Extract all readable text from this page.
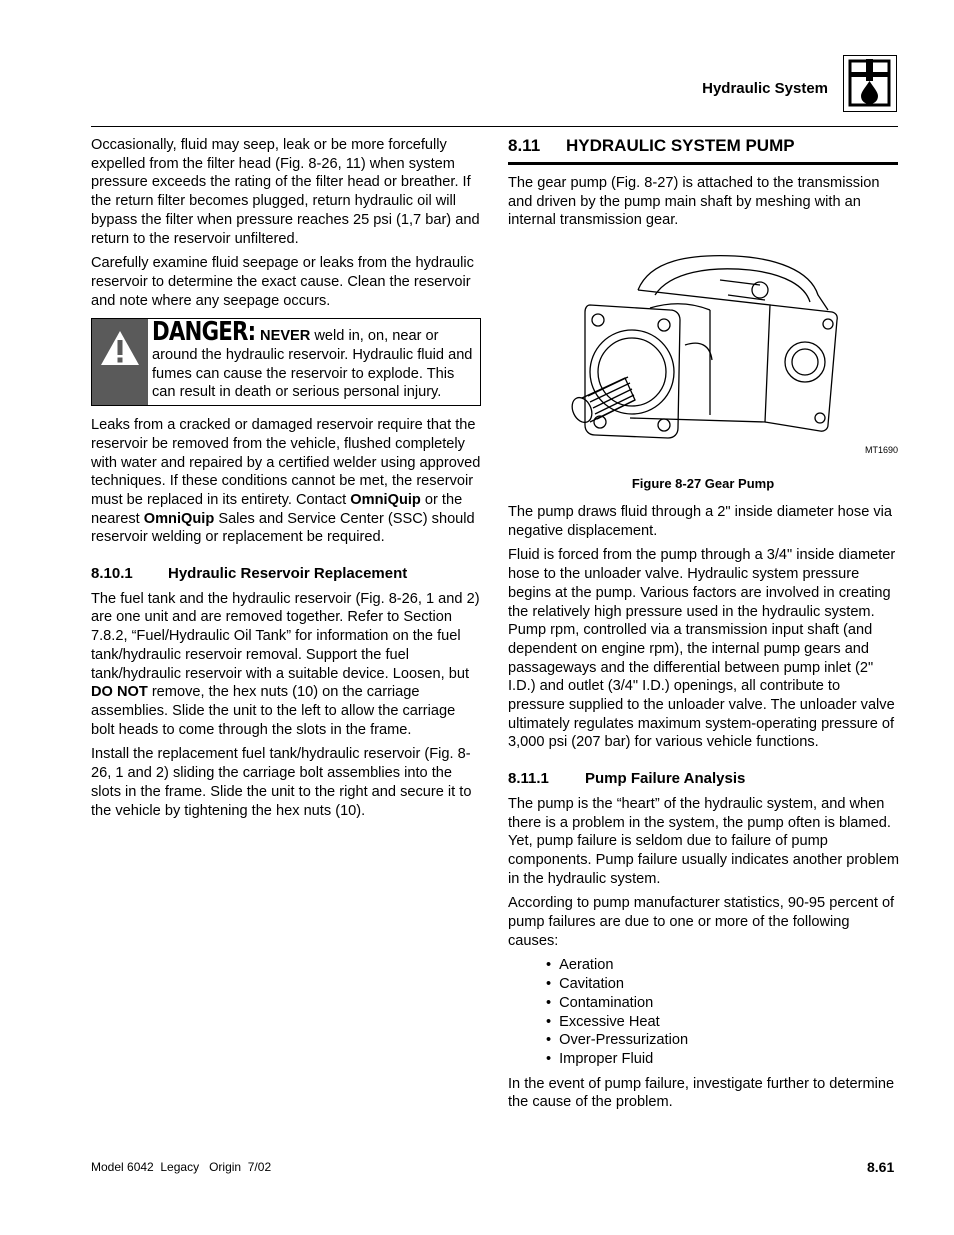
Hydraulic System

Occasionally, fluid may seep, leak or be more forcefully expelled from the filter head (Fig. 8-26, 11) when system pressure exceeds the rating of the filter head or breather. If the return filter becomes plugged, return hydraulic oil will bypass the filter when pressure reaches 25 psi (1,7 bar) and return to the reservoir unfiltered.

Carefully examine fluid seepage or leaks from the hydraulic reservoir to determine the exact cause. Clean the reservoir and note where any seepage occurs.

DANGER: NEVER weld in, on, near or around the hydraulic reservoir. Hydraulic fluid and fumes can cause the reservoir to explode. This can result in death or serious personal injury.

Leaks from a cracked or damaged reservoir require that the reservoir be removed from the vehicle, flushed completely with water and repaired by a certified welder using approved techniques. If these conditions cannot be met, the reservoir must be replaced in its entirety. Contact OmniQuip or the nearest OmniQuip Sales and Service Center (SSC) should reservoir welding or replacement be required.

8.10.1 Hydraulic Reservoir Replacement

The fuel tank and the hydraulic reservoir (Fig. 8-26, 1 and 2) are one unit and are removed together. Refer to Section 7.8.2, “Fuel/Hydraulic Oil Tank” for information on the fuel tank/hydraulic reservoir removal. Support the fuel tank/hydraulic reservoir with a suitable device. Loosen, but DO NOT remove, the hex nuts (10) on the carriage assemblies. Slide the unit to the left to allow the carriage bolt heads to come through the slots in the frame.

Install the replacement fuel tank/hydraulic reservoir (Fig. 8-26, 1 and 2) sliding the carriage bolt assemblies into the slots in the frame. Slide the unit to the right and secure it to the vehicle by tightening the hex nuts (10).

8.11 HYDRAULIC SYSTEM PUMP

The gear pump (Fig. 8-27) is attached to the transmission and driven by the pump main shaft by meshing with an internal transmission gear.

MT1690
Figure 8-27 Gear Pump

The pump draws fluid through a 2" inside diameter hose via negative displacement.

Fluid is forced from the pump through a 3/4" inside diameter hose to the unloader valve. Hydraulic system pressure begins at the pump. Various factors are involved in creating the relatively high pressure used in the hydraulic system. Pump rpm, controlled via a transmission input shaft (and dependent on engine rpm), the internal pump gears and passageways and the differential between pump inlet (2" I.D.) and outlet (3/4" I.D.) openings, all contribute to pressure supplied to the unloader valve. The unloader valve ultimately regulates maximum system-operating pressure of 3,000 psi (207 bar) for various vehicle functions.

8.11.1 Pump Failure Analysis

The pump is the “heart” of the hydraulic system, and when there is a problem in the system, the pump often is blamed. Yet, pump failure is seldom due to failure of pump components. Pump failure usually indicates another problem in the hydraulic system.

According to pump manufacturer statistics, 90-95 percent of pump failures are due to one or more of the following causes:

• Aeration
• Cavitation
• Contamination
• Excessive Heat
• Over-Pressurization
• Improper Fluid

In the event of pump failure, investigate further to determine the cause of the problem.

Model 6042  Legacy   Origin  7/02	8.61
